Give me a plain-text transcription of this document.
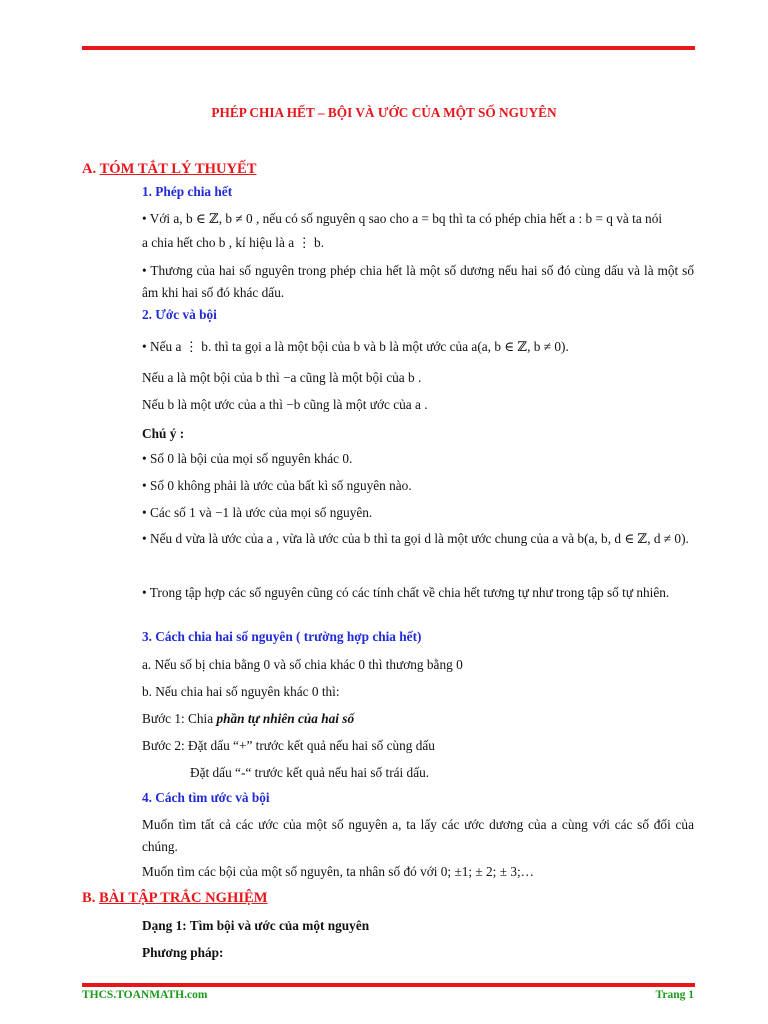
PHÉP CHIA HẾT – BỘI VÀ ƯỚC CỦA MỘT SỐ NGUYÊN
A. TÓM TẮT LÝ THUYẾT
1. Phép chia hết
• Với a, b ∈ ℤ, b ≠ 0 , nếu có số nguyên q sao cho a = bq thì ta có phép chia hết a : b = q và ta nói
a chia hết cho b , kí hiệu là a ⋮ b.
• Thương của hai số nguyên trong phép chia hết là một số dương nếu hai số đó cùng dấu và là một số âm khi hai số đó khác dấu.
2. Ước và bội
• Nếu a ⋮ b. thì ta gọi a là một bội của b và b là một ước của a(a, b ∈ ℤ, b ≠ 0).
Nếu a là một bội của b thì −a cũng là một bội của b .
Nếu b là một ước của a thì −b cũng là một ước của a .
Chú ý :
• Số 0 là bội của mọi số nguyên khác 0.
• Số 0 không phải là ước của bất kì số nguyên nào.
• Các số 1 và −1 là ước của mọi số nguyên.
• Nếu d vừa là ước của a , vừa là ước của b thì ta gọi d là một ước chung của a và b(a, b, d ∈ ℤ, d ≠ 0).
• Trong tập hợp các số nguyên cũng có các tính chất về chia hết tương tự như trong tập số tự nhiên.
3. Cách chia hai số nguyên ( trường hợp chia hết)
a. Nếu số bị chia bằng 0 và số chia khác 0 thì thương bằng 0
b. Nếu chia hai số nguyên khác 0 thì:
Bước 1: Chia phần tự nhiên của hai số
Bước 2: Đặt dấu “+” trước kết quả nếu hai số cùng dấu
Đặt dấu “-“ trước kết quả nếu hai số trái dấu.
4. Cách tìm ước và bội
Muốn tìm tất cả các ước của một số nguyên a, ta lấy các ước dương của a cùng với các số đối của chúng.
Muốn tìm các bội của một số nguyên, ta nhân số đó với 0; ±1; ± 2; ± 3;…
B. BÀI TẬP TRẮC NGHIỆM
Dạng 1: Tìm bội và ước của một nguyên
Phương pháp:
THCS.TOANMATH.com	Trang 1
